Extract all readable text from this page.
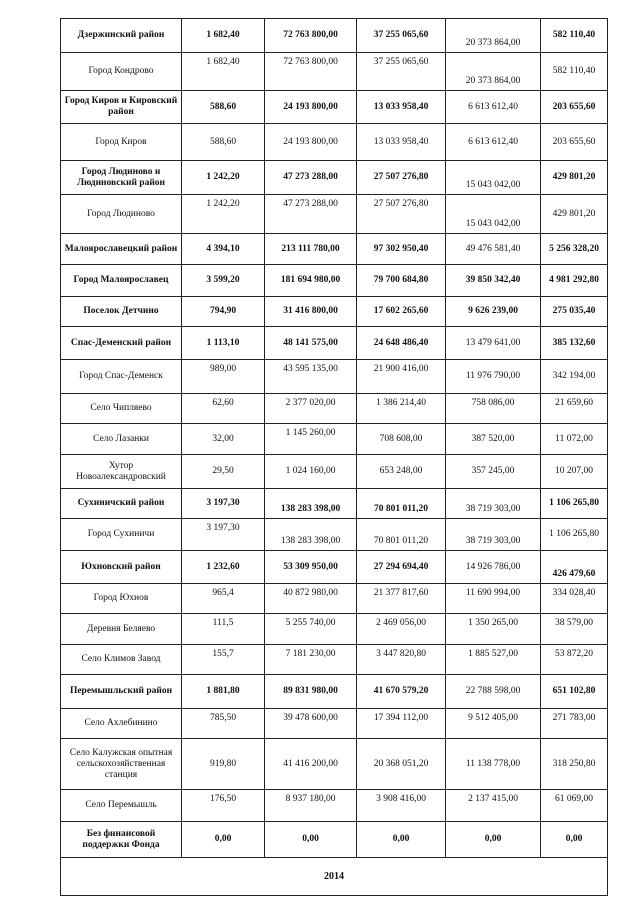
Дзержинский район	1 682,40	72 763 800,00	37 255 065,60	20 373 864,00	582 110,40
Город Кондрово	1 682,40	72 763 800,00	37 255 065,60	20 373 864,00	582 110,40
Город Киров и Кировский район	588,60	24 193 800,00	13 033 958,40	6 613 612,40	203 655,60
Город Киров	588,60	24 193 800,00	13 033 958,40	6 613 612,40	203 655,60
Город Людиново и Людиновский район	1 242,20	47 273 288,00	27 507 276,80	15 043 042,00	429 801,20
Город Людиново	1 242,20	47 273 288,00	27 507 276,80	15 043 042,00	429 801,20
Малоярославецкий район	4 394,10	213 111 780,00	97 302 950,40	49 476 581,40	5 256 328,20
Город Малоярославец	3 599,20	181 694 980,00	79 700 684,80	39 850 342,40	4 981 292,80
Поселок Детчино	794,90	31 416 800,00	17 602 265,60	9 626 239,00	275 035,40
Спас-Деменский район	1 113,10	48 141 575,00	24 648 486,40	13 479 641,00	385 132,60
Город Спас-Деменск	989,00	43 595 135,00	21 900 416,00	11 976 790,00	342 194,00
Село Чипляево	62,60	2 377 020,00	1 386 214,40	758 086,00	21 659,60
Село Лазанки	32,00	1 145 260,00	708 608,00	387 520,00	11 072,00
Хутор Новоалександровский	29,50	1 024 160,00	653 248,00	357 245,00	10 207,00
Сухиничский район	3 197,30	138 283 398,00	70 801 011,20	38 719 303,00	1 106 265,80
Город Сухиничи	3 197,30	138 283 398,00	70 801 011,20	38 719 303,00	1 106 265,80
Юхновский район	1 232,60	53 309 950,00	27 294 694,40	14 926 786,00	426 479,60
Город Юхнов	965,4	40 872 980,00	21 377 817,60	11 690 994,00	334 028,40
Деревня Беляево	111,5	5 255 740,00	2 469 056,00	1 350 265,00	38 579,00
Село Климов Завод	155,7	7 181 230,00	3 447 820,80	1 885 527,00	53 872,20
Перемышльский район	1 881,80	89 831 980,00	41 670 579,20	22 788 598,00	651 102,80
Село Ахлебинино	785,50	39 478 600,00	17 394 112,00	9 512 405,00	271 783,00
Село Калужская опытная сельскохозяйственная станция	919,80	41 416 200,00	20 368 051,20	11 138 778,00	318 250,80
Село Перемышль	176,50	8 937 180,00	3 908 416,00	2 137 415,00	61 069,00
Без финансовой поддержки Фонда	0,00	0,00	0,00	0,00	0,00
2014					
